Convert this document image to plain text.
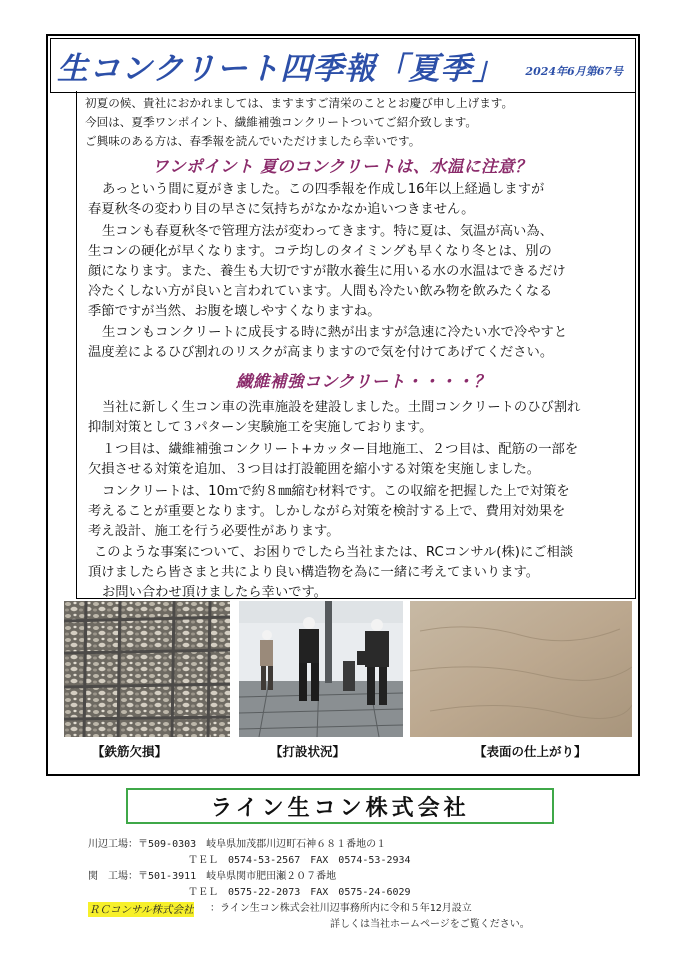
生コンクリート四季報「夏季」 2024年6月第67号
初夏の候、貴社におかれましては、ますますご清栄のこととお慶び申し上げます。
今回は、夏季ワンポイント、繊維補強コンクリートついてご紹介致します。
ご興味のある方は、春季報を読んでいただけましたら幸いです。
ワンポイント 夏のコンクリートは、水温に注意？
あっという間に夏がきました。この四季報を作成し16年以上経過しますが
春夏秋冬の変わり目の早さに気持ちがなかなか追いつきません。
生コンも春夏秋冬で管理方法が変わってきます。特に夏は、気温が高い為、
生コンの硬化が早くなります。コテ均しのタイミングも早くなり冬とは、別の
顔になります。また、養生も大切ですが散水養生に用いる水の水温はできるだけ
冷たくしない方が良いと言われています。人間も冷たい飲み物を飲みたくなる
季節ですが当然、お腹を壊しやすくなりますね。
生コンもコンクリートに成長する時に熱が出ますが急速に冷たい水で冷やすと
温度差によるひび割れのリスクが高まりますので気を付けてあげてください。
繊維補強コンクリート・・・・？
当社に新しく生コン車の洗車施設を建設しました。土間コンクリートのひび割れ
抑制対策として３パターン実験施工を実施しております。
１つ目は、繊維補強コンクリート+カッター目地施工、２つ目は、配筋の一部を
欠損させる対策を追加、３つ目は打設範囲を縮小する対策を実施しました。
コンクリートは、10ｍで約８㎜縮む材料です。この収縮を把握した上で対策を
考えることが重要となります。しかしながら対策を検討する上で、費用対効果を
考え設計、施工を行う必要性があります。
このような事案について、お困りでしたら当社または、RCコンサル(株)にご相談
頂けましたら皆さまと共により良い構造物を為に一緒に考えてまいります。
お問い合わせ頂けましたら幸いです。
【鉄筋欠損】	【打設状況】	【表面の仕上がり】
ライン生コン株式会社
川辺工場：〒509-0303　岐阜県加茂郡川辺町石神６８１番地の１
　　　　　　　　　　ＴＥＬ　0574-53-2567　FAX　0574-53-2934
関　工場：〒501-3911　岐阜県関市肥田瀬２０７番地
　　　　　　　　　　ＴＥＬ　0575-22-2073　FAX　0575-24-6029
ＲＣコンサル株式会社 ：ライン生コン株式会社川辺事務所内に令和５年12月設立
詳しくは当社ホームページをご覧ください。
